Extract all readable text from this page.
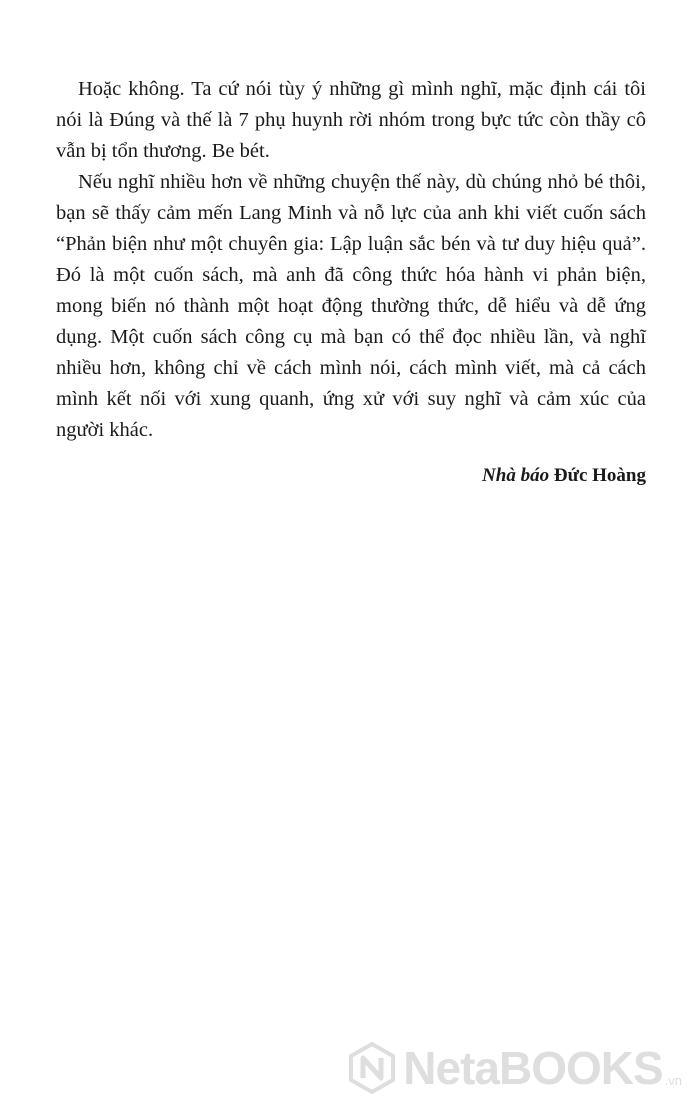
Hoặc không. Ta cứ nói tùy ý những gì mình nghĩ, mặc định cái tôi nói là Đúng và thế là 7 phụ huynh rời nhóm trong bực tức còn thầy cô vẫn bị tổn thương. Be bét.

Nếu nghĩ nhiều hơn về những chuyện thế này, dù chúng nhỏ bé thôi, bạn sẽ thấy cảm mến Lang Minh và nỗ lực của anh khi viết cuốn sách “Phản biện như một chuyên gia: Lập luận sắc bén và tư duy hiệu quả”. Đó là một cuốn sách, mà anh đã công thức hóa hành vi phản biện, mong biến nó thành một hoạt động thường thức, dễ hiểu và dễ ứng dụng. Một cuốn sách công cụ mà bạn có thể đọc nhiều lần, và nghĩ nhiều hơn, không chỉ về cách mình nói, cách mình viết, mà cả cách mình kết nối với xung quanh, ứng xử với suy nghĩ và cảm xúc của người khác.

Nhà báo Đức Hoàng

NetaBOOKS .vn
